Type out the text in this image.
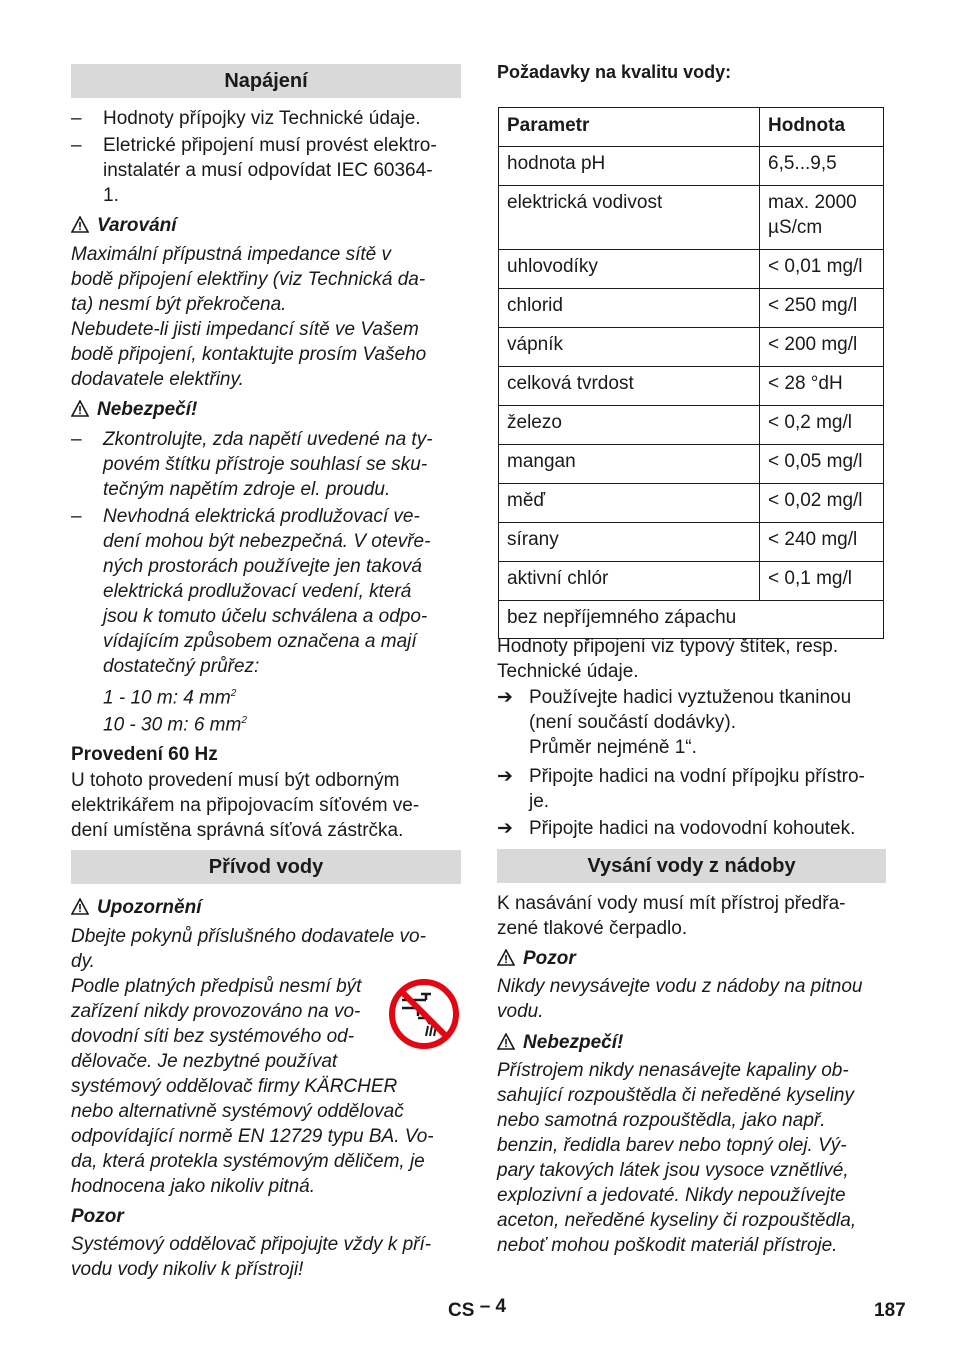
Napájení
– Hodnoty přípojky viz Technické údaje.
– Eletrické připojení musí provést elektro-
instalatér a musí odpovídat IEC 60364-
1.
Varování
Maximální přípustná impedance sítě v
bodě připojení elektřiny (viz Technická da-
ta) nesmí být překročena.
Nebudete-li jisti impedancí sítě ve Vašem
bodě připojení, kontaktujte prosím Vašeho
dodavatele elektřiny.
Nebezpečí!
– Zkontrolujte, zda napětí uvedené na ty-
povém štítku přístroje souhlasí se sku-
tečným napětím zdroje el. proudu.
– Nevhodná elektrická prodlužovací ve-
dení mohou být nebezpečná. V otevře-
ných prostorách používejte jen taková
elektrická prodlužovací vedení, která
jsou k tomuto účelu schválena a odpo-
vídajícím způsobem označena a mají
dostatečný průřez:
1 - 10 m: 4 $mm^2$
10 - 30 m: 6 $mm^2$
Provedení 60 Hz
U tohoto provedení musí být odborným
elektrikářem na připojovacím síťovém ve-
dení umístěna správná síťová zástrčka.
Přívod vody
Upozornění
Dbejte pokynů příslušného dodavatele vo-
dy.
Podle platných předpisů nesmí být
zařízení nikdy provozováno na vo-
dovodní síti bez systémového od-
dělovače. Je nezbytné používat
systémový oddělovač firmy KÄRCHER
nebo alternativně systémový oddělovač
odpovídající normě EN 12729 typu BA. Vo-
da, která protekla systémovým děličem, je
hodnocena jako nikoliv pitná.
Pozor
Systémový oddělovač připojujte vždy k pří-
vodu vody nikoliv k přístroji!
Požadavky na kvalitu vody:
Parametr	Hodnota
hodnota pH	6,5...9,5
elektrická vodivost	max. 2000
µS/cm
uhlovodíky	< 0,01 mg/l
chlorid	< 250 mg/l
vápník	< 200 mg/l
celková tvrdost	< 28 °dH
železo	< 0,2 mg/l
mangan	< 0,05 mg/l
měď	< 0,02 mg/l
sírany	< 240 mg/l
aktivní chlór	< 0,1 mg/l
bez nepříjemného zápachu	
Hodnoty připojení viz typový štítek, resp.
Technické údaje.
➔ Používejte hadici vyztuženou tkaninou
(není součástí dodávky).
Průměr nejméně 1“.
➔ Připojte hadici na vodní přípojku přístro-
je.
➔ Připojte hadici na vodovodní kohoutek.
Vysání vody z nádoby
K nasávání vody musí mít přístroj předřa-
zené tlakové čerpadlo.
Pozor
Nikdy nevysávejte vodu z nádoby na pitnou
vodu.
Nebezpečí!
Přístrojem nikdy nenasávejte kapaliny ob-
sahující rozpouštědla či neředěné kyseliny
nebo samotná rozpouštědla, jako např.
benzin, ředidla barev nebo topný olej. Vý-
pary takových látek jsou vysoce vznětlivé,
explozivní a jedovaté. Nikdy nepoužívejte
aceton, neředěné kyseliny či rozpouštědla,
neboť mohou poškodit materiál přístroje.
CS – 4	187
